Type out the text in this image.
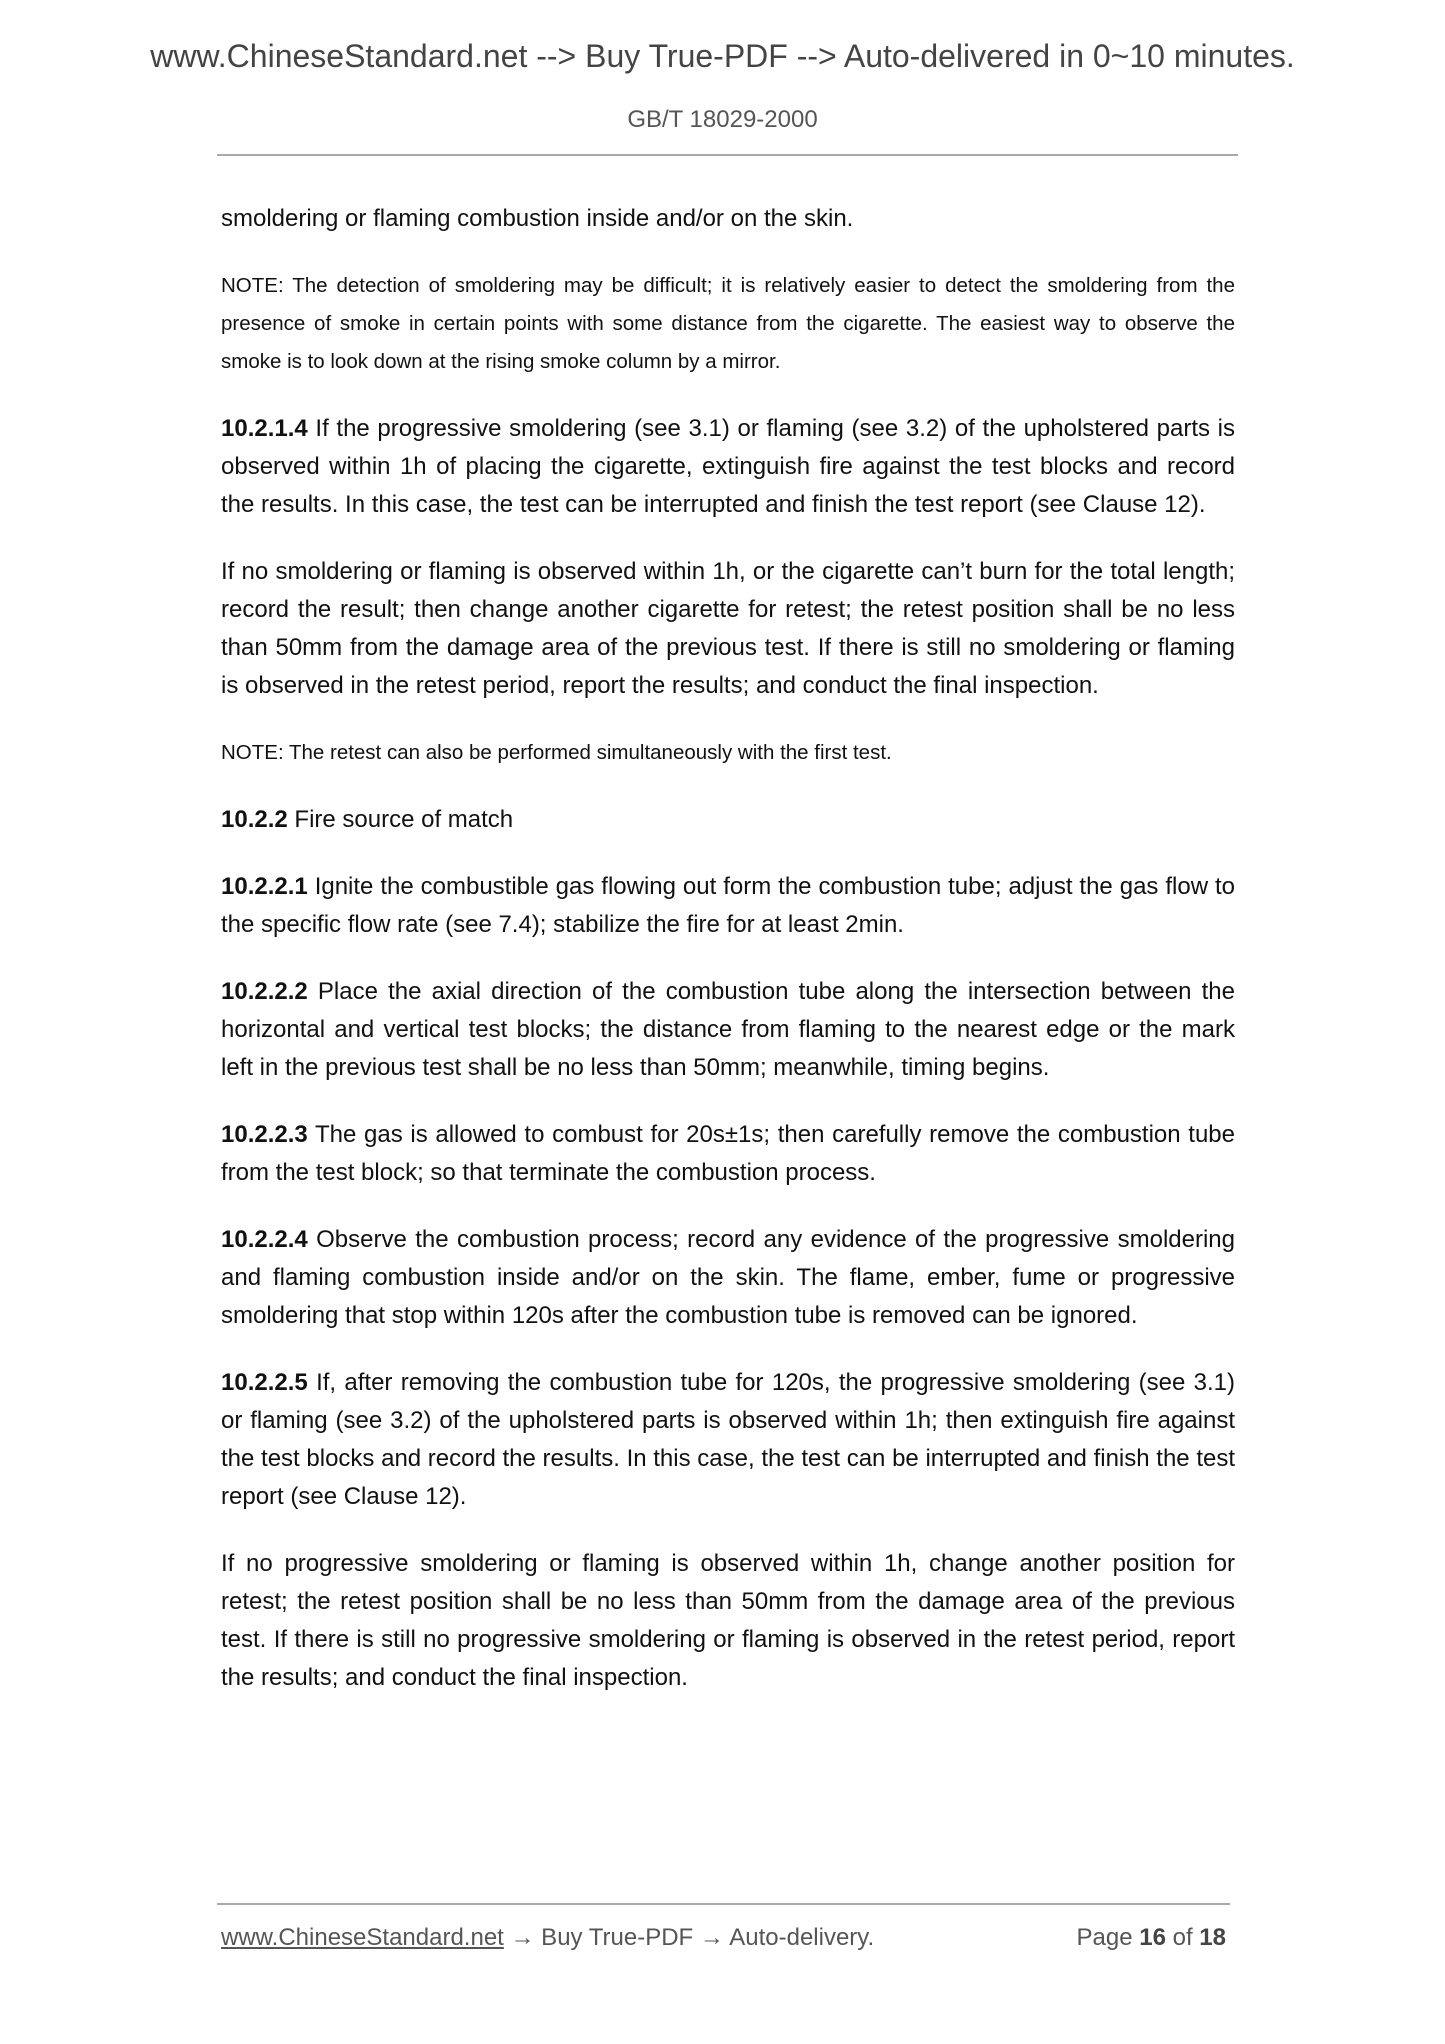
www.ChineseStandard.net --> Buy True-PDF --> Auto-delivered in 0~10 minutes.
GB/T 18029-2000

smoldering or flaming combustion inside and/or on the skin.

NOTE: The detection of smoldering may be difficult; it is relatively easier to detect the smoldering from the presence of smoke in certain points with some distance from the cigarette. The easiest way to observe the smoke is to look down at the rising smoke column by a mirror.

10.2.1.4 If the progressive smoldering (see 3.1) or flaming (see 3.2) of the upholstered parts is observed within 1h of placing the cigarette, extinguish fire against the test blocks and record the results. In this case, the test can be interrupted and finish the test report (see Clause 12).

If no smoldering or flaming is observed within 1h, or the cigarette can’t burn for the total length; record the result; then change another cigarette for retest; the retest position shall be no less than 50mm from the damage area of the previous test. If there is still no smoldering or flaming is observed in the retest period, report the results; and conduct the final inspection.

NOTE: The retest can also be performed simultaneously with the first test.

10.2.2 Fire source of match

10.2.2.1 Ignite the combustible gas flowing out form the combustion tube; adjust the gas flow to the specific flow rate (see 7.4); stabilize the fire for at least 2min.

10.2.2.2 Place the axial direction of the combustion tube along the intersection between the horizontal and vertical test blocks; the distance from flaming to the nearest edge or the mark left in the previous test shall be no less than 50mm; meanwhile, timing begins.

10.2.2.3 The gas is allowed to combust for 20s±1s; then carefully remove the combustion tube from the test block; so that terminate the combustion process.

10.2.2.4 Observe the combustion process; record any evidence of the progressive smoldering and flaming combustion inside and/or on the skin. The flame, ember, fume or progressive smoldering that stop within 120s after the combustion tube is removed can be ignored.

10.2.2.5 If, after removing the combustion tube for 120s, the progressive smoldering (see 3.1) or flaming (see 3.2) of the upholstered parts is observed within 1h; then extinguish fire against the test blocks and record the results. In this case, the test can be interrupted and finish the test report (see Clause 12).

If no progressive smoldering or flaming is observed within 1h, change another position for retest; the retest position shall be no less than 50mm from the damage area of the previous test. If there is still no progressive smoldering or flaming is observed in the retest period, report the results; and conduct the final inspection.

www.ChineseStandard.net → Buy True-PDF → Auto-delivery.	Page 16 of 18
